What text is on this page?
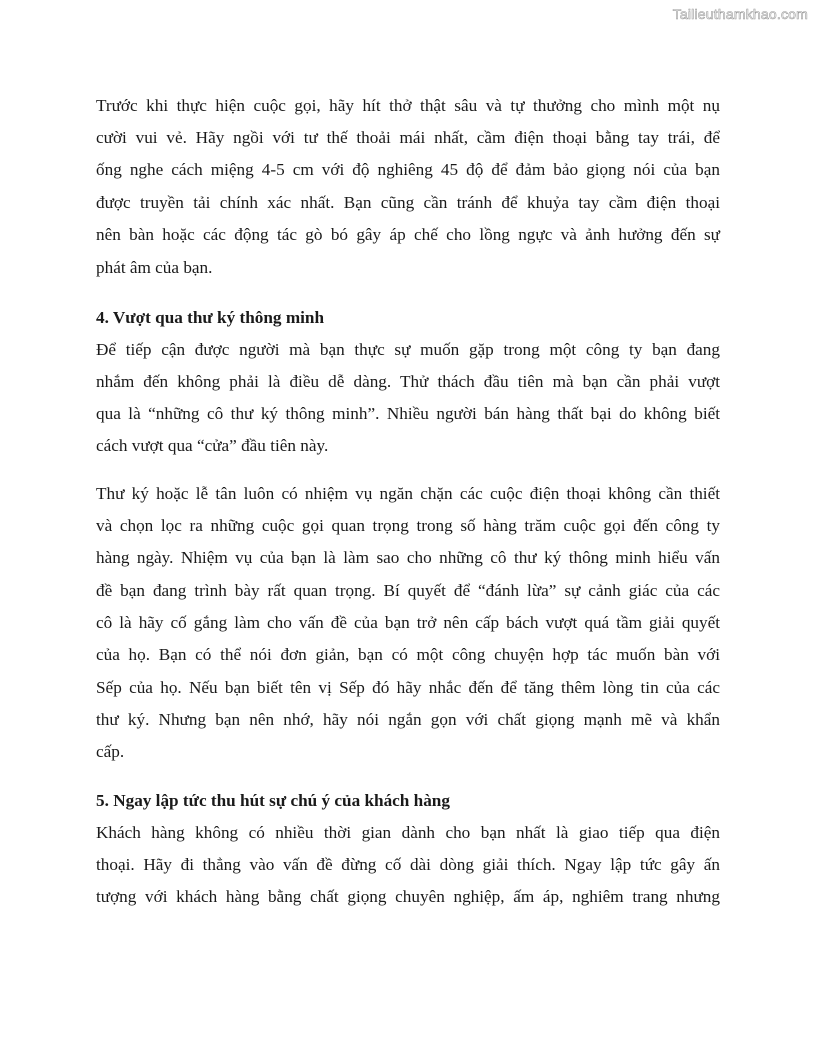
Tailieuthamkhao.com
Trước khi thực hiện cuộc gọi, hãy hít thở thật sâu và tự thưởng cho mình một nụ
cười vui vẻ. Hãy ngồi với tư thế thoải mái nhất, cầm điện thoại bằng tay trái, để
ống nghe cách miệng 4-5 cm với độ nghiêng 45 độ để đảm bảo giọng nói của bạn
được truyền tải chính xác nhất. Bạn cũng cần tránh để khuỷa tay cầm điện thoại
nên bàn hoặc các động tác gò bó gây áp chế cho lồng ngực và ảnh hưởng đến sự
phát âm của bạn.
4. Vượt qua thư ký thông minh
Để tiếp cận được người mà bạn thực sự muốn gặp trong một công ty bạn đang
nhắm đến không phải là điều dễ dàng. Thử thách đầu tiên mà bạn cần phải vượt
qua là “những cô thư ký thông minh”. Nhiều người bán hàng thất bại do không biết
cách vượt qua “cửa” đầu tiên này.
Thư ký hoặc lễ tân luôn có nhiệm vụ ngăn chặn các cuộc điện thoại không cần thiết
và chọn lọc ra những cuộc gọi quan trọng trong số hàng trăm cuộc gọi đến công ty
hàng ngày. Nhiệm vụ của bạn là làm sao cho những cô thư ký thông minh hiểu vấn
đề bạn đang trình bày rất quan trọng. Bí quyết để “đánh lừa” sự cảnh giác của các
cô là hãy cố gắng làm cho vấn đề của bạn trở nên cấp bách vượt quá tầm giải quyết
của họ. Bạn có thể nói đơn giản, bạn có một công chuyện hợp tác muốn bàn với
Sếp của họ. Nếu bạn biết tên vị Sếp đó hãy nhắc đến để tăng thêm lòng tin của các
thư ký. Nhưng bạn nên nhớ, hãy nói ngắn gọn với chất giọng mạnh mẽ và khẩn
cấp.
5. Ngay lập tức thu hút sự chú ý của khách hàng
Khách hàng không có nhiều thời gian dành cho bạn nhất là giao tiếp qua điện
thoại. Hãy đi thẳng vào vấn đề đừng cố dài dòng giải thích. Ngay lập tức gây ấn
tượng với khách hàng bằng chất giọng chuyên nghiệp, ấm áp, nghiêm trang nhưng
